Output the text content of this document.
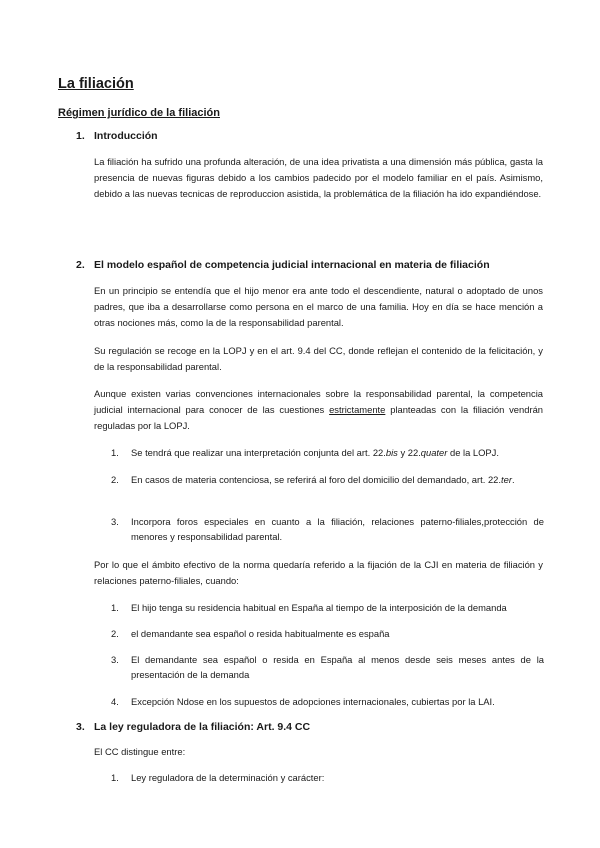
La filiación
Régimen jurídico de la filiación
1. Introducción

La filiación ha sufrido una profunda alteración, de una idea privatista a una dimensión más pública, gasta la presencia de nuevas figuras debido a los cambios padecido por el modelo familiar en el país. Asimismo, debido a las nuevas tecnicas de reproduccion asistida, la problemática de la filiación ha ido expandiéndose.

2. El modelo español de competencia judicial internacional en materia de filiación

En un principio se entendía que el hijo menor era ante todo el descendiente, natural o adoptado de unos padres, que iba a desarrollarse como persona en el marco de una familia. Hoy en día se hace mención a otras nociones más, como la de la responsabilidad parental.

Su regulación se recoge en la LOPJ y en el art. 9.4 del CC, donde reflejan el contenido de la felicitación, y de la responsabilidad parental.

Aunque existen varias convenciones internacionales sobre la responsabilidad parental, la competencia judicial internacional para conocer de las cuestiones estrictamente planteadas con la filiación vendrán reguladas por la LOPJ.

1. Se tendrá que realizar una interpretación conjunta del art. 22.bis y 22.quater de la LOPJ.
2. En casos de materia contenciosa, se referirá al foro del domicilio del demandado, art. 22.ter.
3. Incorpora foros especiales en cuanto a la filiación, relaciones paterno-filiales,protección de menores y responsabilidad parental.

Por lo que el ámbito efectivo de la norma quedaría referido a la fijación de la CJI en materia de filiación y relaciones paterno-filiales, cuando:

1. El hijo tenga su residencia habitual en España al tiempo de la interposición de la demanda
2. el demandante sea español o resida habitualmente es españa
3. El demandante sea español o resida en España al menos desde seis meses antes de la presentación de la demanda
4. Excepción Ndose en los supuestos de adopciones internacionales, cubiertas por la LAI.
3. La ley reguladora de la filiación: Art. 9.4 CC

El CC distingue entre:

1. Ley reguladora de la determinación y carácter:
